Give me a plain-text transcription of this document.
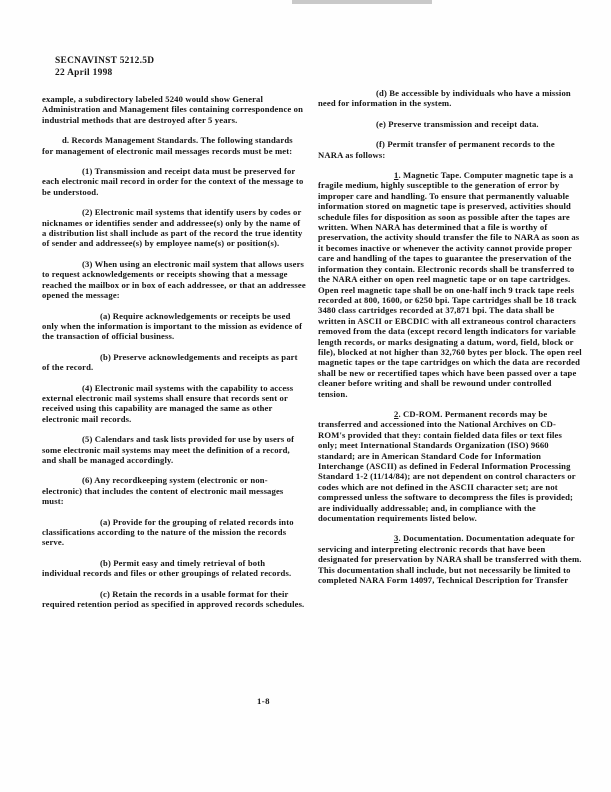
SECNAVINST 5212.5D
22 April 1998

example, a subdirectory labeled 5240 would show General Administration and Management files containing correspondence on industrial methods that are destroyed after 5 years.

d. Records Management Standards. The following standards for management of electronic mail messages records must be met:

(1) Transmission and receipt data must be preserved for each electronic mail record in order for the context of the message to be understood.

(2) Electronic mail systems that identify users by codes or nicknames or identifies sender and addressee(s) only by the name of a distribution list shall include as part of the record the true identity of sender and addressee(s) by employee name(s) or position(s).

(3) When using an electronic mail system that allows users to request acknowledgements or receipts showing that a message reached the mailbox or in box of each addressee, or that an addressee opened the message:

(a) Require acknowledgements or receipts be used only when the information is important to the mission as evidence of the transaction of official business.

(b) Preserve acknowledgements and receipts as part of the record.

(4) Electronic mail systems with the capability to access external electronic mail systems shall ensure that records sent or received using this capability are managed the same as other electronic mail records.

(5) Calendars and task lists provided for use by users of some electronic mail systems may meet the definition of a record, and shall be managed accordingly.

(6) Any recordkeeping system (electronic or non-electronic) that includes the content of electronic mail messages must:

(a) Provide for the grouping of related records into classifications according to the nature of the mission the records serve.

(b) Permit easy and timely retrieval of both individual records and files or other groupings of related records.

(c) Retain the records in a usable format for their required retention period as specified in approved records schedules.

(d) Be accessible by individuals who have a mission need for information in the system.

(e) Preserve transmission and receipt data.

(f) Permit transfer of permanent records to the NARA as follows:

1. Magnetic Tape. Computer magnetic tape is a fragile medium, highly susceptible to the generation of error by improper care and handling. To ensure that permanently valuable information stored on magnetic tape is preserved, activities should schedule files for disposition as soon as possible after the tapes are written. When NARA has determined that a file is worthy of preservation, the activity should transfer the file to NARA as soon as it becomes inactive or whenever the activity cannot provide proper care and handling of the tapes to guarantee the preservation of the information they contain. Electronic records shall be transferred to the NARA either on open reel magnetic tape or on tape cartridges. Open reel magnetic tape shall be on one-half inch 9 track tape reels recorded at 800, 1600, or 6250 bpi. Tape cartridges shall be 18 track 3480 class cartridges recorded at 37,871 bpi. The data shall be written in ASCII or EBCDIC with all extraneous control characters removed from the data (except record length indicators for variable length records, or marks designating a datum, word, field, block or file), blocked at not higher than 32,760 bytes per block. The open reel magnetic tapes or the tape cartridges on which the data are recorded shall be new or recertified tapes which have been passed over a tape cleaner before writing and shall be rewound under controlled tension.

2. CD-ROM. Permanent records may be transferred and accessioned into the National Archives on CD-ROM's provided that they: contain fielded data files or text files only; meet International Standards Organization (ISO) 9660 standard; are in American Standard Code for Information Interchange (ASCII) as defined in Federal Information Processing Standard 1-2 (11/14/84); are not dependent on control characters or codes which are not defined in the ASCII character set; are not compressed unless the software to decompress the files is provided; are individually addressable; and, in compliance with the documentation requirements listed below.

3. Documentation. Documentation adequate for servicing and interpreting electronic records that have been designated for preservation by NARA shall be transferred with them. This documentation shall include, but not necessarily be limited to completed NARA Form 14097, Technical Description for Transfer

1-8
